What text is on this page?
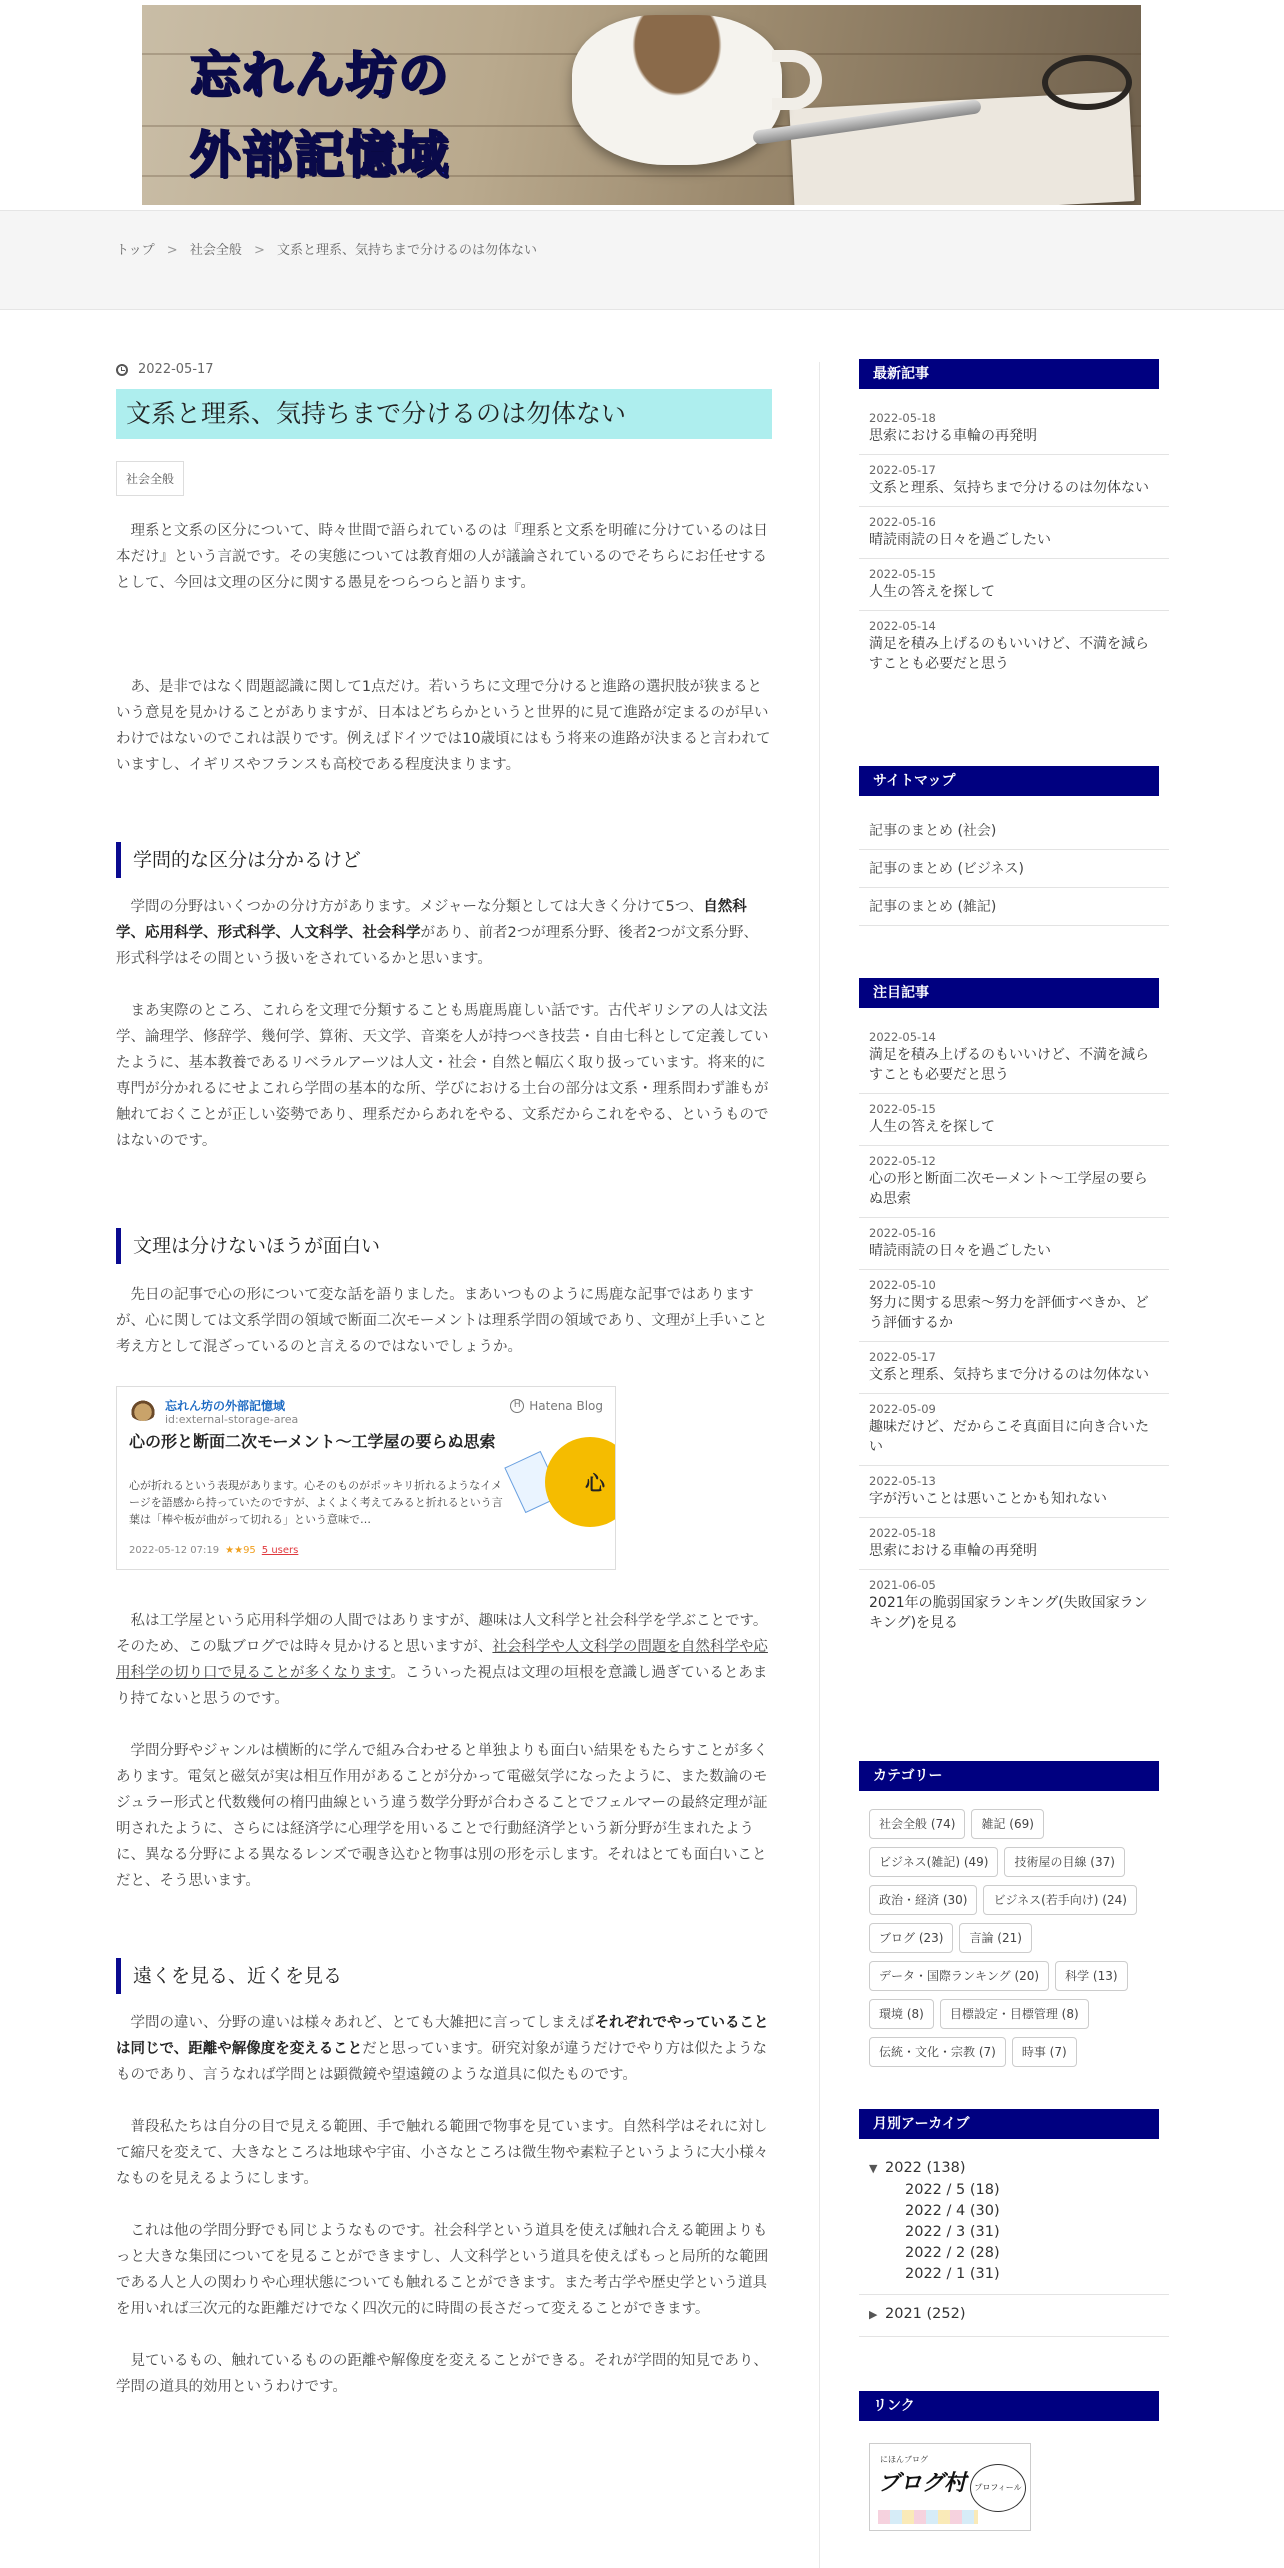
忘れん坊の
外部記憶域
トップ > 社会全般 > 文系と理系、気持ちまで分けるのは勿体ない
2022-05-17
文系と理系、気持ちまで分けるのは勿体ない
社会全般

理系と文系の区分について、時々世間で語られているのは『理系と文系を明確に分けているのは日本だけ』という言説です。その実態については教育畑の人が議論されているのでそちらにお任せするとして、今回は文理の区分に関する愚見をつらつらと語ります。

あ、是非ではなく問題認識に関して1点だけ。若いうちに文理で分けると進路の選択肢が狭まるという意見を見かけることがありますが、日本はどちらかというと世界的に見て進路が定まるのが早いわけではないのでこれは誤りです。例えばドイツでは10歳頃にはもう将来の進路が決まると言われていますし、イギリスやフランスも高校である程度決まります。

学問的な区分は分かるけど

学問の分野はいくつかの分け方があります。メジャーな分類としては大きく分けて5つ、自然科学、応用科学、形式科学、人文科学、社会科学があり、前者2つが理系分野、後者2つが文系分野、形式科学はその間という扱いをされているかと思います。

まあ実際のところ、これらを文理で分類することも馬鹿馬鹿しい話です。古代ギリシアの人は文法学、論理学、修辞学、幾何学、算術、天文学、音楽を人が持つべき技芸・自由七科として定義していたように、基本教養であるリベラルアーツは人文・社会・自然と幅広く取り扱っています。将来的に専門が分かれるにせよこれら学問の基本的な所、学びにおける土台の部分は文系・理系問わず誰もが触れておくことが正しい姿勢であり、理系だからあれをやる、文系だからこれをやる、というものではないのです。

文理は分けないほうが面白い

先日の記事で心の形について変な話を語りました。まあいつものように馬鹿な記事ではありますが、心に関しては文系学問の領域で断面二次モーメントは理系学問の領域であり、文理が上手いこと考え方として混ざっているのと言えるのではないでしょうか。

忘れん坊の外部記憶域
id:external-storage-area
H Hatena Blog
心の形と断面二次モーメント〜工学屋の要らぬ思索
心が折れるという表現があります。心そのものがポッキリ折れるようなイメージを語感から持っていたのですが、よくよく考えてみると折れるという言葉は「棒や板が曲がって切れる」という意味で…
2022-05-12 07:19 ★★95 5 users
心

私は工学屋という応用科学畑の人間ではありますが、趣味は人文科学と社会科学を学ぶことです。そのため、この駄ブログでは時々見かけると思いますが、社会科学や人文科学の問題を自然科学や応用科学の切り口で見ることが多くなります。こういった視点は文理の垣根を意識し過ぎているとあまり持てないと思うのです。

学問分野やジャンルは横断的に学んで組み合わせると単独よりも面白い結果をもたらすことが多くあります。電気と磁気が実は相互作用があることが分かって電磁気学になったように、また数論のモジュラー形式と代数幾何の楕円曲線という違う数学分野が合わさることでフェルマーの最終定理が証明されたように、さらには経済学に心理学を用いることで行動経済学という新分野が生まれたように、異なる分野による異なるレンズで覗き込むと物事は別の形を示します。それはとても面白いことだと、そう思います。

遠くを見る、近くを見る

学問の違い、分野の違いは様々あれど、とても大雑把に言ってしまえばそれぞれでやっていることは同じで、距離や解像度を変えることだと思っています。研究対象が違うだけでやり方は似たようなものであり、言うなれば学問とは顕微鏡や望遠鏡のような道具に似たものです。

普段私たちは自分の目で見える範囲、手で触れる範囲で物事を見ています。自然科学はそれに対して縮尺を変えて、大きなところは地球や宇宙、小さなところは微生物や素粒子というように大小様々なものを見えるようにします。

これは他の学問分野でも同じようなものです。社会科学という道具を使えば触れ合える範囲よりもっと大きな集団についてを見ることができますし、人文科学という道具を使えばもっと局所的な範囲である人と人の関わりや心理状態についても触れることができます。また考古学や歴史学という道具を用いれば三次元的な距離だけでなく四次元的に時間の長さだって変えることができます。

見ているもの、触れているものの距離や解像度を変えることができる。それが学問的知見であり、学問の道具的効用というわけです。

最新記事
2022-05-18
思索における車輪の再発明
2022-05-17
文系と理系、気持ちまで分けるのは勿体ない
2022-05-16
晴読雨読の日々を過ごしたい
2022-05-15
人生の答えを探して
2022-05-14
満足を積み上げるのもいいけど、不満を減らすことも必要だと思う
サイトマップ
記事のまとめ (社会)
記事のまとめ (ビジネス)
記事のまとめ (雑記)
注目記事
2022-05-14
満足を積み上げるのもいいけど、不満を減らすことも必要だと思う
2022-05-15
人生の答えを探して
2022-05-12
心の形と断面二次モーメント〜工学屋の要らぬ思索
2022-05-16
晴読雨読の日々を過ごしたい
2022-05-10
努力に関する思索〜努力を評価すべきか、どう評価するか
2022-05-17
文系と理系、気持ちまで分けるのは勿体ない
2022-05-09
趣味だけど、だからこそ真面目に向き合いたい
2022-05-13
字が汚いことは悪いことかも知れない
2022-05-18
思索における車輪の再発明
2021-06-05
2021年の脆弱国家ランキング(失敗国家ランキング)を見る
カテゴリー
社会全般 (74)	雑記 (69)
ビジネス(雑記) (49)	技術屋の目線 (37)
政治・経済 (30)	ビジネス(若手向け) (24)
ブログ (23)	言論 (21)
データ・国際ランキング (20)	科学 (13)
環境 (8)	目標設定・目標管理 (8)
伝統・文化・宗教 (7)	時事 (7)
月別アーカイブ
▼ 2022 (138)
2022 / 5 (18)
2022 / 4 (30)
2022 / 3 (31)
2022 / 2 (28)
2022 / 1 (31)
▶ 2021 (252)
リンク
にほんブログ
ブログ村	プロフィール
